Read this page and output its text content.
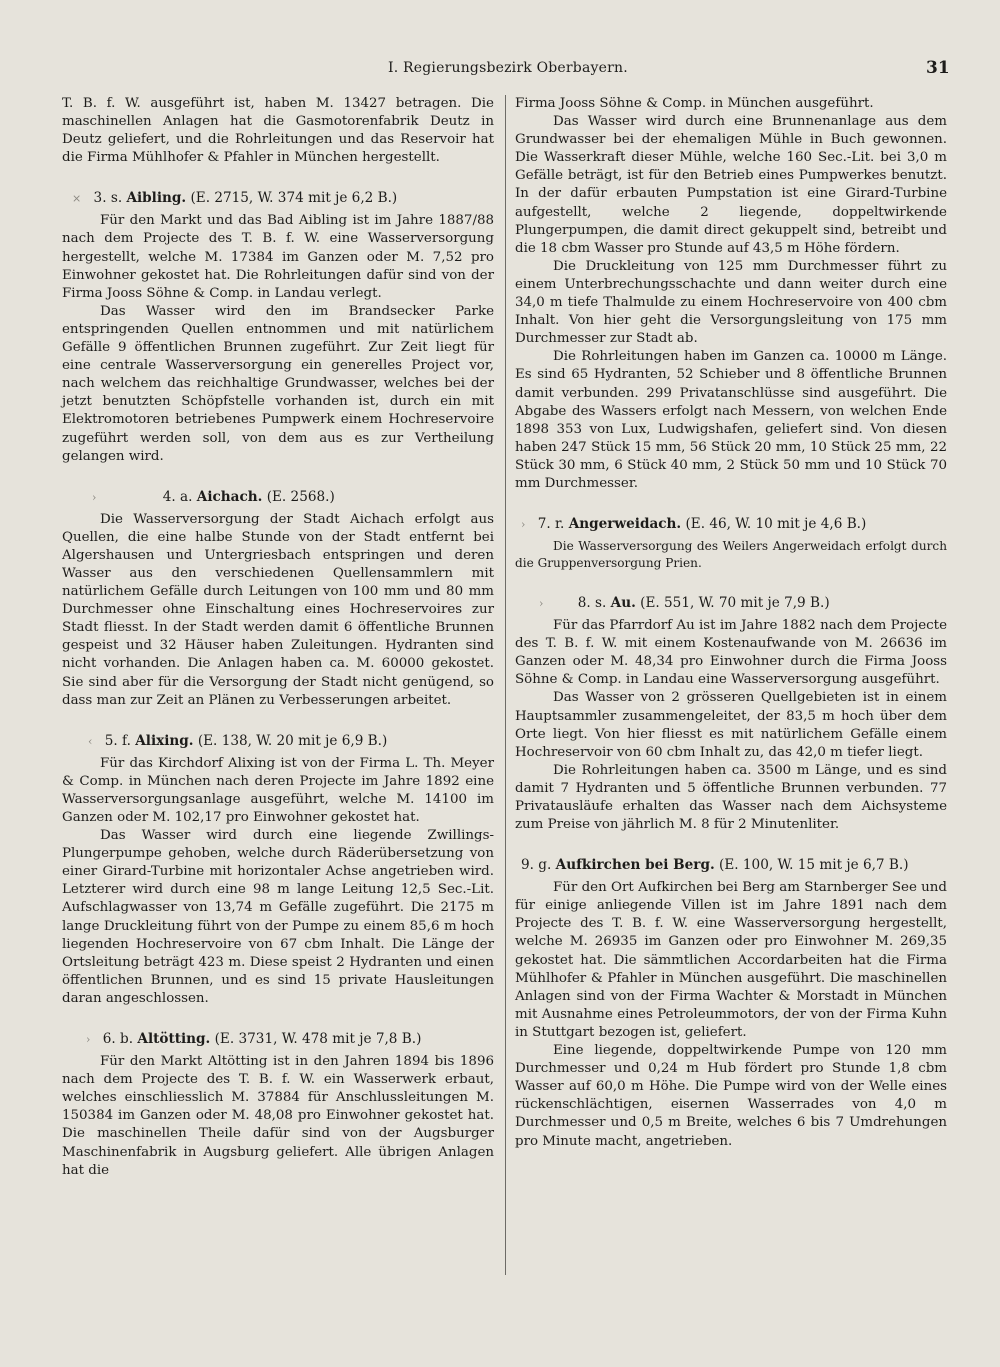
I. Regierungsbezirk Oberbayern.	31

T. B. f. W. ausgeführt ist, haben M. 13427 betragen. Die maschinellen Anlagen hat die Gasmotorenfabrik Deutz in Deutz geliefert, und die Rohrleitungen und das Reservoir hat die Firma Mühlhofer & Pfahler in München hergestellt.

× 3. s. Aibling. (E. 2715, W. 374 mit je 6,2 B.)

Für den Markt und das Bad Aibling ist im Jahre 1887/88 nach dem Projecte des T. B. f. W. eine Wasserversorgung hergestellt, welche M. 17384 im Ganzen oder M. 7,52 pro Einwohner gekostet hat. Die Rohrleitungen dafür sind von der Firma Jooss Söhne & Comp. in Landau verlegt.

Das Wasser wird den im Brandsecker Parke entspringenden Quellen entnommen und mit natürlichem Gefälle 9 öffentlichen Brunnen zugeführt. Zur Zeit liegt für eine centrale Wasserversorgung ein generelles Project vor, nach welchem das reichhaltige Grundwasser, welches bei der jetzt benutzten Schöpfstelle vorhanden ist, durch ein mit Elektromotoren betriebenes Pumpwerk einem Hochreservoire zugeführt werden soll, von dem aus es zur Vertheilung gelangen wird.

›	4. a. Aichach. (E. 2568.)

Die Wasserversorgung der Stadt Aichach erfolgt aus Quellen, die eine halbe Stunde von der Stadt entfernt bei Algershausen und Untergriesbach entspringen und deren Wasser aus den verschiedenen Quellensammlern mit natürlichem Gefälle durch Leitungen von 100 mm und 80 mm Durchmesser ohne Einschaltung eines Hochreservoires zur Stadt fliesst. In der Stadt werden damit 6 öffentliche Brunnen gespeist und 32 Häuser haben Zuleitungen. Hydranten sind nicht vorhanden. Die Anlagen haben ca. M. 60000 gekostet. Sie sind aber für die Versorgung der Stadt nicht genügend, so dass man zur Zeit an Plänen zu Verbesserungen arbeitet.

‹ 5. f. Alixing. (E. 138, W. 20 mit je 6,9 B.)

Für das Kirchdorf Alixing ist von der Firma L. Th. Meyer & Comp. in München nach deren Projecte im Jahre 1892 eine Wasserversorgungsanlage ausgeführt, welche M. 14100 im Ganzen oder M. 102,17 pro Einwohner gekostet hat.

Das Wasser wird durch eine liegende Zwillings-Plungerpumpe gehoben, welche durch Räderübersetzung von einer Girard-Turbine mit horizontaler Achse angetrieben wird. Letzterer wird durch eine 98 m lange Leitung 12,5 Sec.-Lit. Aufschlagwasser von 13,74 m Gefälle zugeführt. Die 2175 m lange Druckleitung führt von der Pumpe zu einem 85,6 m hoch liegenden Hochreservoire von 67 cbm Inhalt. Die Länge der Ortsleitung beträgt 423 m. Diese speist 2 Hydranten und einen öffentlichen Brunnen, und es sind 15 private Hausleitungen daran angeschlossen.

› 6. b. Altötting. (E. 3731, W. 478 mit je 7,8 B.)

Für den Markt Altötting ist in den Jahren 1894 bis 1896 nach dem Projecte des T. B. f. W. ein Wasserwerk erbaut, welches einschliesslich M. 37884 für Anschlussleitungen M. 150384 im Ganzen oder M. 48,08 pro Einwohner gekostet hat. Die maschinellen Theile dafür sind von der Augsburger Maschinenfabrik in Augsburg geliefert. Alle übrigen Anlagen hat die

Firma Jooss Söhne & Comp. in München ausgeführt.

Das Wasser wird durch eine Brunnenanlage aus dem Grundwasser bei der ehemaligen Mühle in Buch gewonnen. Die Wasserkraft dieser Mühle, welche 160 Sec.-Lit. bei 3,0 m Gefälle beträgt, ist für den Betrieb eines Pumpwerkes benutzt. In der dafür erbauten Pumpstation ist eine Girard-Turbine aufgestellt, welche 2 liegende, doppeltwirkende Plungerpumpen, die damit direct gekuppelt sind, betreibt und die 18 cbm Wasser pro Stunde auf 43,5 m Höhe fördern.

Die Druckleitung von 125 mm Durchmesser führt zu einem Unterbrechungsschachte und dann weiter durch eine 34,0 m tiefe Thalmulde zu einem Hochreservoire von 400 cbm Inhalt. Von hier geht die Versorgungsleitung von 175 mm Durchmesser zur Stadt ab.

Die Rohrleitungen haben im Ganzen ca. 10000 m Länge. Es sind 65 Hydranten, 52 Schieber und 8 öffentliche Brunnen damit verbunden. 299 Privatanschlüsse sind ausgeführt. Die Abgabe des Wassers erfolgt nach Messern, von welchen Ende 1898 353 von Lux, Ludwigshafen, geliefert sind. Von diesen haben 247 Stück 15 mm, 56 Stück 20 mm, 10 Stück 25 mm, 22 Stück 30 mm, 6 Stück 40 mm, 2 Stück 50 mm und 10 Stück 70 mm Durchmesser.

› 7. r. Angerweidach. (E. 46, W. 10 mit je 4,6 B.)

Die Wasserversorgung des Weilers Angerweidach erfolgt durch die Gruppenversorgung Prien.

›	8. s. Au. (E. 551, W. 70 mit je 7,9 B.)

Für das Pfarrdorf Au ist im Jahre 1882 nach dem Projecte des T. B. f. W. mit einem Kostenaufwande von M. 26636 im Ganzen oder M. 48,34 pro Einwohner durch die Firma Jooss Söhne & Comp. in Landau eine Wasserversorgung ausgeführt.

Das Wasser von 2 grösseren Quellgebieten ist in einem Hauptsammler zusammengeleitet, der 83,5 m hoch über dem Orte liegt. Von hier fliesst es mit natürlichem Gefälle einem Hochreservoir von 60 cbm Inhalt zu, das 42,0 m tiefer liegt.

Die Rohrleitungen haben ca. 3500 m Länge, und es sind damit 7 Hydranten und 5 öffentliche Brunnen verbunden. 77 Privatausläufe erhalten das Wasser nach dem Aichsysteme zum Preise von jährlich M. 8 für 2 Minutenliter.

9. g. Aufkirchen bei Berg. (E. 100, W. 15 mit je 6,7 B.)

Für den Ort Aufkirchen bei Berg am Starnberger See und für einige anliegende Villen ist im Jahre 1891 nach dem Projecte des T. B. f. W. eine Wasserversorgung hergestellt, welche M. 26935 im Ganzen oder pro Einwohner M. 269,35 gekostet hat. Die sämmtlichen Accordarbeiten hat die Firma Mühlhofer & Pfahler in München ausgeführt. Die maschinellen Anlagen sind von der Firma Wachter & Morstadt in München mit Ausnahme eines Petroleummotors, der von der Firma Kuhn in Stuttgart bezogen ist, geliefert.

Eine liegende, doppeltwirkende Pumpe von 120 mm Durchmesser und 0,24 m Hub fördert pro Stunde 1,8 cbm Wasser auf 60,0 m Höhe. Die Pumpe wird von der Welle eines rückenschlächtigen, eisernen Wasserrades von 4,0 m Durchmesser und 0,5 m Breite, welches 6 bis 7 Umdrehungen pro Minute macht, angetrieben.
